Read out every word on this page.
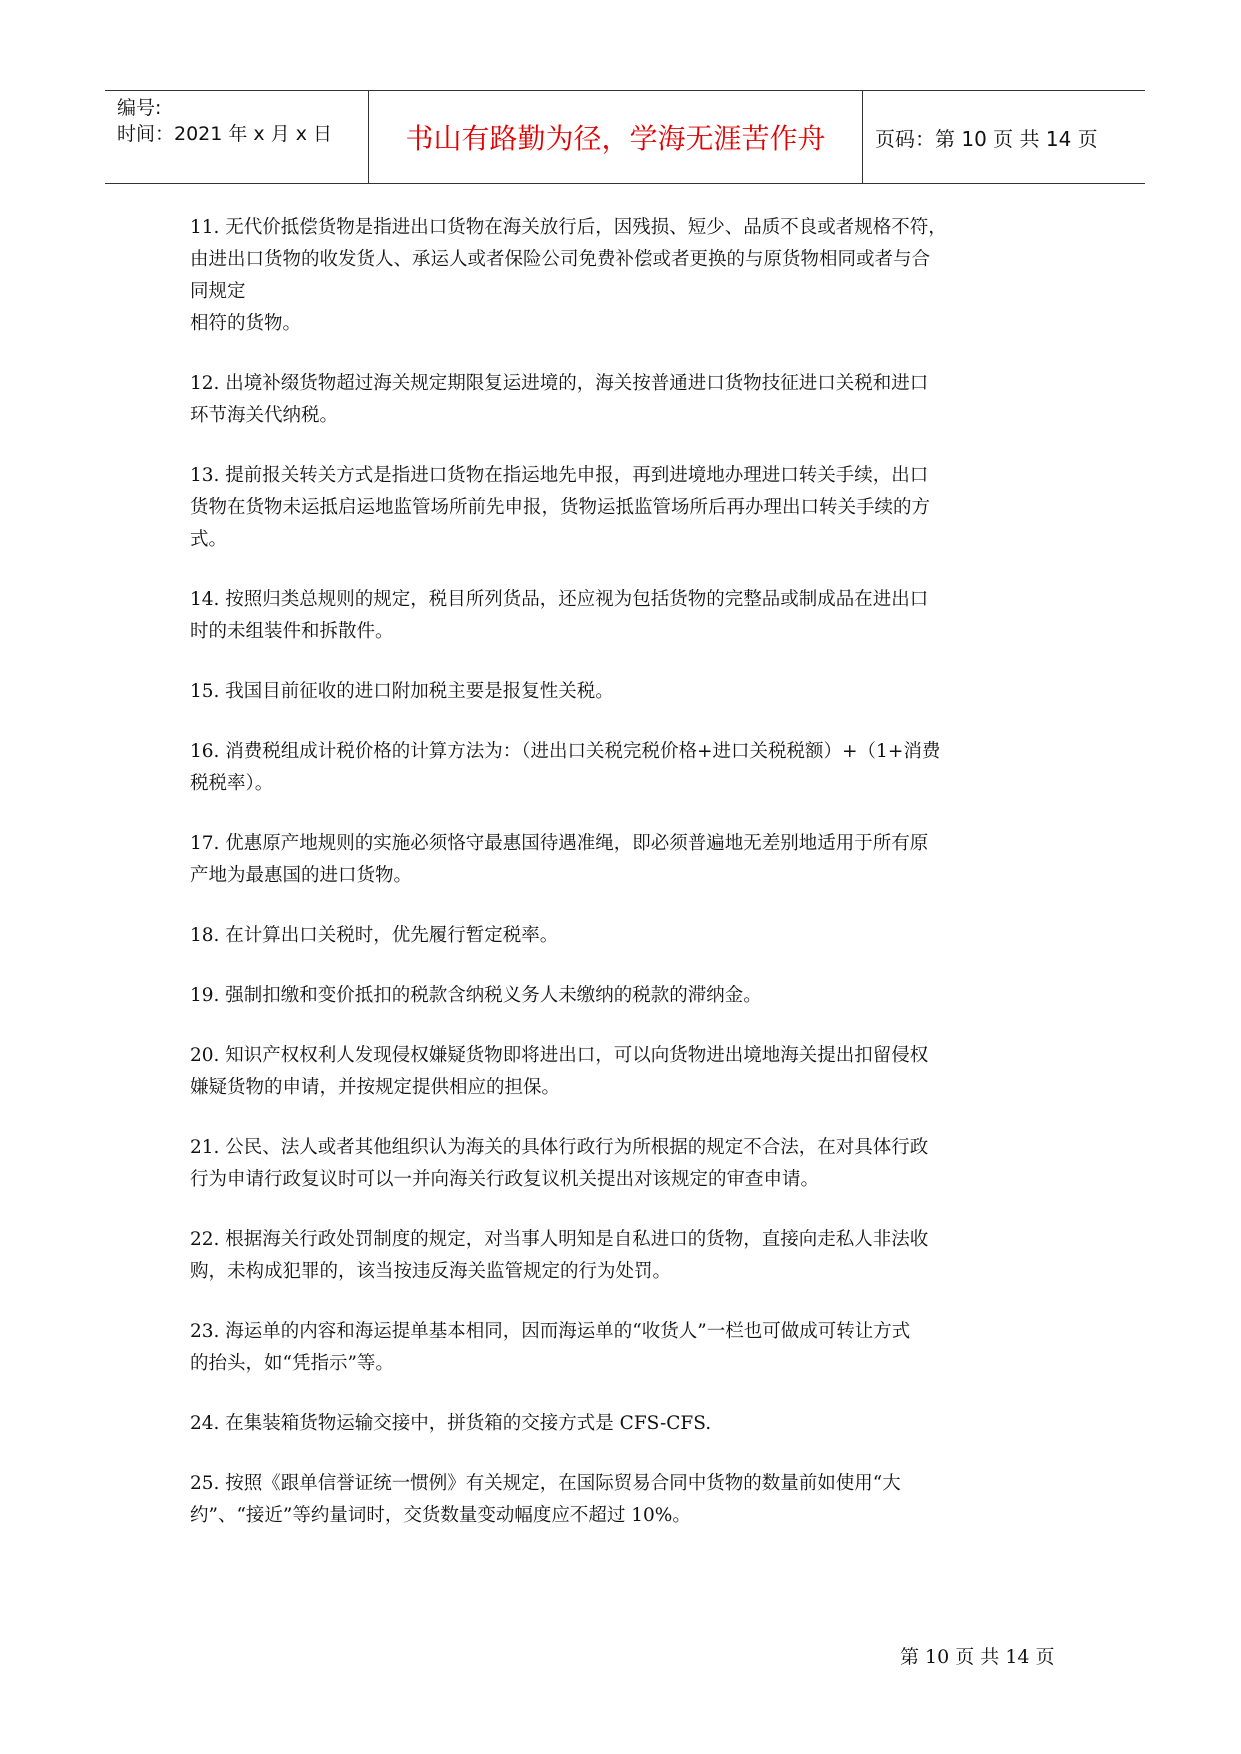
编号:
时间：2021 年 x 月 x 日	书山有路勤为径，学海无涯苦作舟 页码：第 10 页 共 14 页

11. 无代价抵偿货物是指进出口货物在海关放行后，因残损、短少、品质不良或者规格不符，
由进出口货物的收发货人、承运人或者保险公司免费补偿或者更换的与原货物相同或者与合
同规定
相符的货物。

12. 出境补缀货物超过海关规定期限复运进境的，海关按普通进口货物技征进口关税和进口
环节海关代纳税。

13. 提前报关转关方式是指进口货物在指运地先申报，再到进境地办理进口转关手续，出口
货物在货物未运抵启运地监管场所前先申报，货物运抵监管场所后再办理出口转关手续的方
式。

14. 按照归类总规则的规定，税目所列货品，还应视为包括货物的完整品或制成品在进出口
时的未组装件和拆散件。

15. 我国目前征收的进口附加税主要是报复性关税。

16. 消费税组成计税价格的计算方法为：（进出口关税完税价格+进口关税税额）+（1+消费
税税率）。

17. 优惠原产地规则的实施必须恪守最惠国待遇准绳，即必须普遍地无差别地适用于所有原
产地为最惠国的进口货物。

18. 在计算出口关税时，优先履行暂定税率。

19. 强制扣缴和变价抵扣的税款含纳税义务人未缴纳的税款的滞纳金。

20. 知识产权权利人发现侵权嫌疑货物即将进出口，可以向货物进出境地海关提出扣留侵权
嫌疑货物的申请，并按规定提供相应的担保。

21. 公民、法人或者其他组织认为海关的具体行政行为所根据的规定不合法，在对具体行政
行为申请行政复议时可以一并向海关行政复议机关提出对该规定的审查申请。

22. 根据海关行政处罚制度的规定，对当事人明知是自私进口的货物，直接向走私人非法收
购，未构成犯罪的，该当按违反海关监管规定的行为处罚。

23. 海运单的内容和海运提单基本相同，因而海运单的“收货人”一栏也可做成可转让方式
的抬头，如“凭指示”等。

24. 在集装箱货物运输交接中，拼货箱的交接方式是 CFS-CFS.

25. 按照《跟单信誉证统一惯例》有关规定，在国际贸易合同中货物的数量前如使用“大
约”、“接近”等约量词时，交货数量变动幅度应不超过 10%。

第 10 页 共 14 页
